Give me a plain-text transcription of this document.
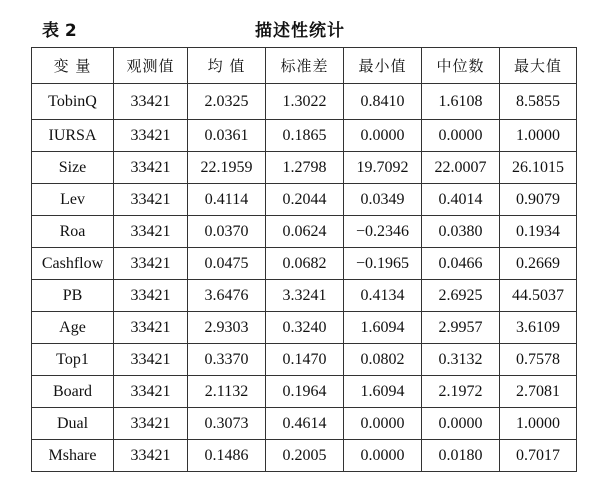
表 2	描述性统计
变 量	观测值	均 值	标准差	最小值	中位数	最大值
TobinQ	33421	2.0325	1.3022	0.8410	1.6108	8.5855
IURSA	33421	0.0361	0.1865	0.0000	0.0000	1.0000
Size	33421	22.1959	1.2798	19.7092	22.0007	26.1015
Lev	33421	0.4114	0.2044	0.0349	0.4014	0.9079
Roa	33421	0.0370	0.0624	−0.2346	0.0380	0.1934
Cashflow	33421	0.0475	0.0682	−0.1965	0.0466	0.2669
PB	33421	3.6476	3.3241	0.4134	2.6925	44.5037
Age	33421	2.9303	0.3240	1.6094	2.9957	3.6109
Top1	33421	0.3370	0.1470	0.0802	0.3132	0.7578
Board	33421	2.1132	0.1964	1.6094	2.1972	2.7081
Dual	33421	0.3073	0.4614	0.0000	0.0000	1.0000
Mshare	33421	0.1486	0.2005	0.0000	0.0180	0.7017
